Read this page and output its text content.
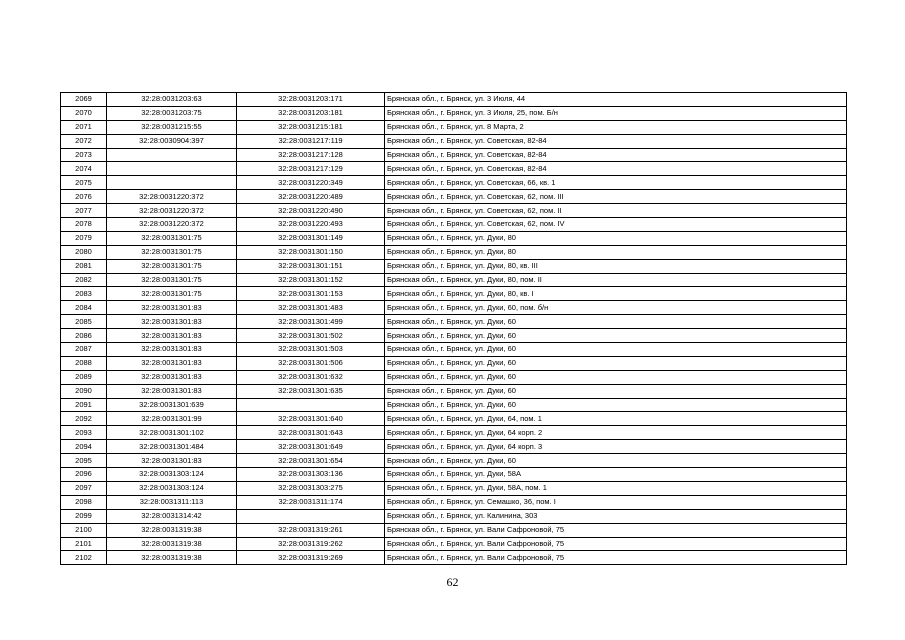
2069	32:28:0031203:63	32:28:0031203:171	Брянская обл., г. Брянск, ул. 3 Июля, 44
2070	32:28:0031203:75	32:28:0031203:181	Брянская обл., г. Брянск, ул. 3 Июля, 25, пом. Б/н
2071	32:28:0031215:55	32:28:0031215:181	Брянская обл., г. Брянск, ул. 8 Марта, 2
2072	32:28:0030904:397	32:28:0031217:119	Брянская обл., г. Брянск, ул. Советская, 82-84
2073		32:28:0031217:128	Брянская обл., г. Брянск, ул. Советская, 82-84
2074		32:28:0031217:129	Брянская обл., г. Брянск, ул. Советская, 82-84
2075		32:28:0031220:349	Брянская обл., г. Брянск, ул. Советская, 66, кв. 1
2076	32:28:0031220:372	32:28:0031220:489	Брянская обл., г. Брянск, ул. Советская, 62, пом. III
2077	32:28:0031220:372	32:28:0031220:490	Брянская обл., г. Брянск, ул. Советская, 62, пом. II
2078	32:28:0031220:372	32:28:0031220:493	Брянская обл., г. Брянск, ул. Советская, 62, пом. IV
2079	32:28:0031301:75	32:28:0031301:149	Брянская обл., г. Брянск, ул. Дуки, 80
2080	32:28:0031301:75	32:28:0031301:150	Брянская обл., г. Брянск, ул. Дуки, 80
2081	32:28:0031301:75	32:28:0031301:151	Брянская обл., г. Брянск, ул. Дуки, 80, кв. III
2082	32:28:0031301:75	32:28:0031301:152	Брянская обл., г. Брянск, ул. Дуки, 80, пом. II
2083	32:28:0031301:75	32:28:0031301:153	Брянская обл., г. Брянск, ул. Дуки, 80, кв. I
2084	32:28:0031301:83	32:28:0031301:483	Брянская обл., г. Брянск, ул. Дуки, 60, пом. б/н
2085	32:28:0031301:83	32:28:0031301:499	Брянская обл., г. Брянск, ул. Дуки, 60
2086	32:28:0031301:83	32:28:0031301:502	Брянская обл., г. Брянск, ул. Дуки, 60
2087	32:28:0031301:83	32:28:0031301:503	Брянская обл., г. Брянск, ул. Дуки, 60
2088	32:28:0031301:83	32:28:0031301:506	Брянская обл., г. Брянск, ул. Дуки, 60
2089	32:28:0031301:83	32:28:0031301:632	Брянская обл., г. Брянск, ул. Дуки, 60
2090	32:28:0031301:83	32:28:0031301:635	Брянская обл., г. Брянск, ул. Дуки, 60
2091	32:28:0031301:639		Брянская обл., г. Брянск, ул. Дуки, 60
2092	32:28:0031301:99	32:28:0031301:640	Брянская обл., г. Брянск, ул. Дуки, 64, пом. 1
2093	32:28:0031301:102	32:28:0031301:643	Брянская обл., г. Брянск, ул. Дуки, 64 корп. 2
2094	32:28:0031301:484	32:28:0031301:649	Брянская обл., г. Брянск, ул. Дуки, 64 корп. 3
2095	32:28:0031301:83	32:28:0031301:654	Брянская обл., г. Брянск, ул. Дуки, 60
2096	32:28:0031303:124	32:28:0031303:136	Брянская обл., г. Брянск, ул. Дуки, 58А
2097	32:28:0031303:124	32:28:0031303:275	Брянская обл., г. Брянск, ул. Дуки, 58А, пом. 1
2098	32:28:0031311:113	32:28:0031311:174	Брянская обл., г. Брянск, ул. Семашко, 36, пом. I
2099	32:28:0031314:42		Брянская обл., г. Брянск, ул. Калинина, 303
2100	32:28:0031319:38	32:28:0031319:261	Брянская обл., г. Брянск, ул. Вали Сафроновой, 75
2101	32:28:0031319:38	32:28:0031319:262	Брянская обл., г. Брянск, ул. Вали Сафроновой, 75
2102	32:28:0031319:38	32:28:0031319:269	Брянская обл., г. Брянск, ул. Вали Сафроновой, 75
62
